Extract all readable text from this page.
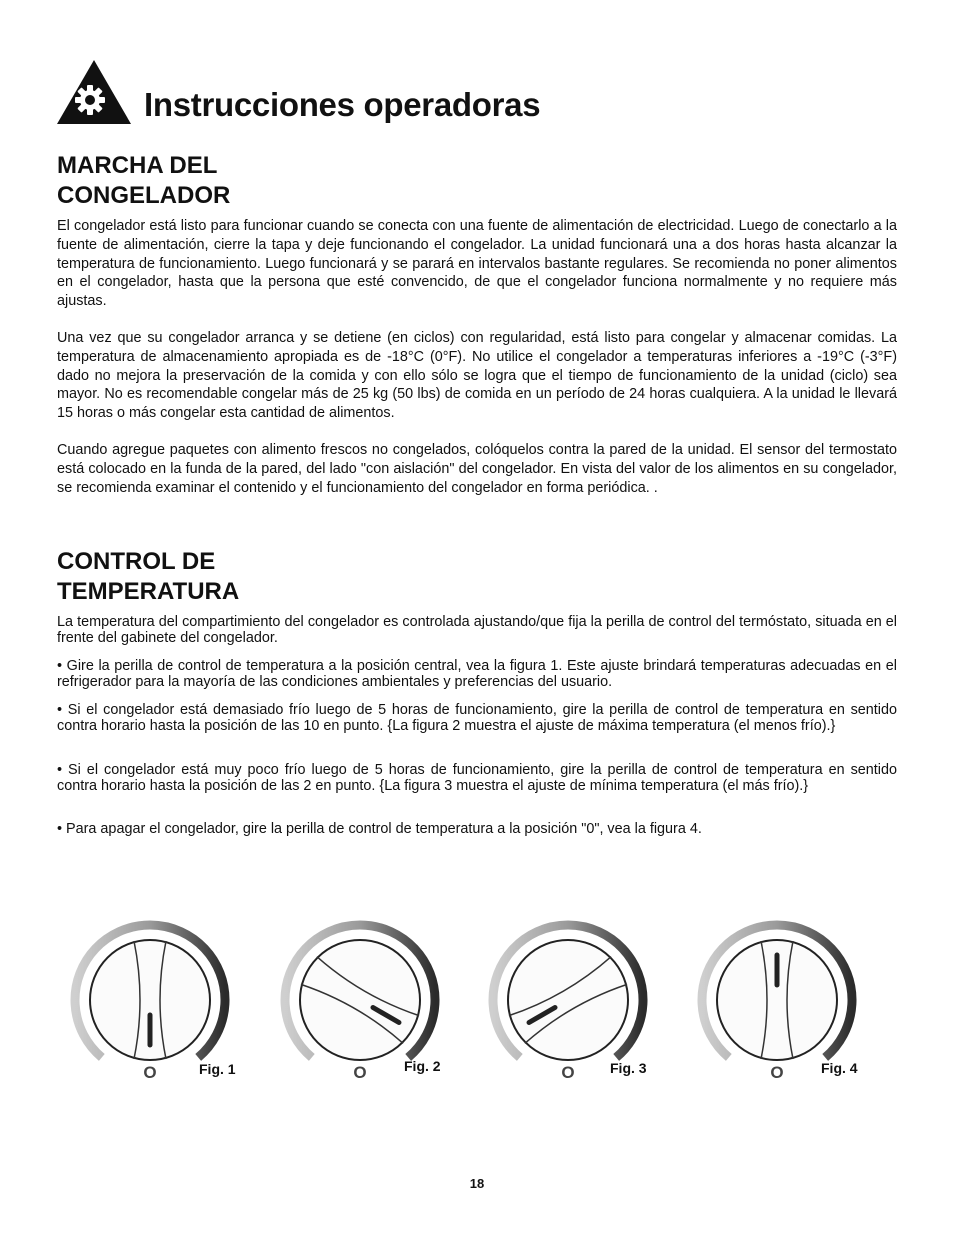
Instrucciones operadoras
MARCHA DEL
CONGELADOR

El congelador está listo para funcionar cuando se conecta con una fuente de alimentación de electricidad. Luego de conectarlo a la fuente de alimentación, cierre la tapa y deje funcionando el congelador. La unidad funcionará una a dos horas hasta alcanzar la temperatura de funcionamiento. Luego funcionará y se parará en intervalos bastante regulares. Se recomienda no poner alimentos en el congelador, hasta que la persona que esté convencido, de que el congelador funciona normalmente y no requiere más ajustas.

Una vez que su congelador arranca y se detiene (en ciclos) con regularidad, está listo para congelar y almacenar comidas. La temperatura de almacenamiento apropiada es de -18°C (0°F). No utilice el congelador a temperaturas inferiores a -19°C (-3°F) dado no mejora la preservación de la comida y con ello sólo se logra que el tiempo de funcionamiento de la unidad (ciclo) sea mayor. No es recomendable congelar más de 25 kg (50 lbs) de comida en un período de 24 horas cualquiera. A la unidad le llevará 15 horas o más congelar esta cantidad de alimentos.

Cuando agregue paquetes con alimento frescos no congelados, colóquelos contra la pared de la unidad. El sensor del termostato está colocado en la funda de la pared, del lado "con aislación" del congelador. En vista del valor de los alimentos en su congelador, se recomienda examinar el contenido y el funcionamiento del congelador en forma periódica. .

CONTROL DE
TEMPERATURA

La temperatura del compartimiento del congelador es controlada ajustando/que fija la perilla de control del termóstato, situada en el frente del gabinete del congelador.

• Gire la perilla de control de temperatura a la posición central, vea la figura 1. Este ajuste brindará temperaturas adecuadas en el refrigerador para la mayoría de las condiciones ambientales y preferencias del usuario.

• Si el congelador está demasiado frío luego de 5 horas de funcionamiento, gire la perilla de control de temperatura en sentido contra horario hasta la posición de las 10 en punto. {La figura 2 muestra el ajuste de máxima temperatura (el menos frío).}

• Si el congelador está muy poco frío luego de 5 horas de funcionamiento, gire la perilla de control de temperatura en sentido contra horario hasta la posición de las 2 en punto. {La figura 3 muestra el ajuste de mínima temperatura (el más frío).}

• Para apagar el congelador, gire la perilla de control de temperatura a la posición "0", vea la figura 4.

O	Fig. 1	O	Fig. 2	O	Fig. 3	O	Fig. 4
18
